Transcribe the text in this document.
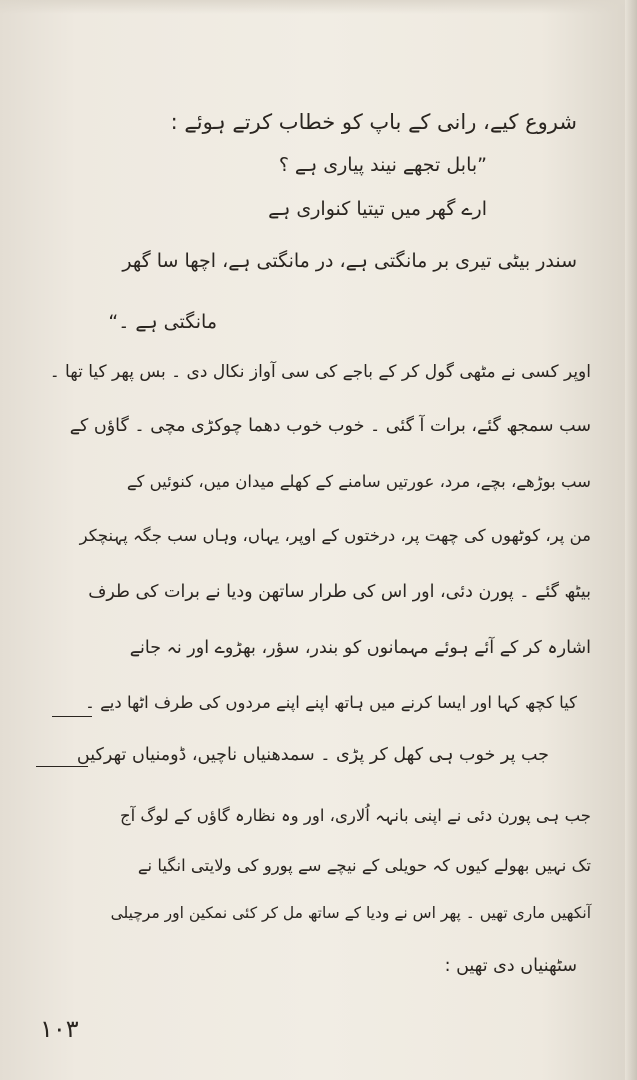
شروع کیے، رانی کے باپ کو خطاب کرتے ہوئے :
”بابل تجھے نیند پیاری ہے ؟
ارے گھر میں تیتیا کنواری ہے
سندر بیٹی تیری بر مانگتی ہے، در مانگتی ہے، اچھا سا گھر
مانگتی ہے ۔“
اوپر کسی نے مٹھی گول کر کے باجے کی سی آواز نکال دی ۔ بس پھر کیا تھا ۔
سب سمجھ گئے، برات آ گئی ۔ خوب خوب دھما چوکڑی مچی ۔ گاؤں کے
سب بوڑھے، بچے، مرد، عورتیں سامنے کے کھلے میدان میں، کنوئیں کے
من پر، کوٹھوں کی چھت پر، درختوں کے اوپر، یہاں، وہاں سب جگہ پہنچکر
بیٹھ گئے ۔ پورن دئی، اور اس کی طرار ساتھن ودیا نے برات کی طرف
اشارہ کر کے آئے ہوئے مہمانوں کو بندر، سؤر، بھڑوے اور نہ جانے
کیا کچھ کہا اور ایسا کرنے میں ہاتھ اپنے اپنے مردوں کی طرف اٹھا دیے ۔
جب پر خوب ہی کھل کر پڑی ۔ سمدھنیاں ناچیں، ڈومنیاں تھرکیں
جب ہی پورن دئی نے اپنی بانہہ اُلاری، اور وہ نظارہ گاؤں کے لوگ آج
تک نہیں بھولے کیوں کہ حویلی کے نیچے سے پورو کی ولایتی انگیا نے
آنکھیں ماری تھیں ۔ پھر اس نے ودیا کے ساتھ مل کر کئی نمکین اور مرچیلی
سٹھنیاں دی تھیں :
۱۰۳
